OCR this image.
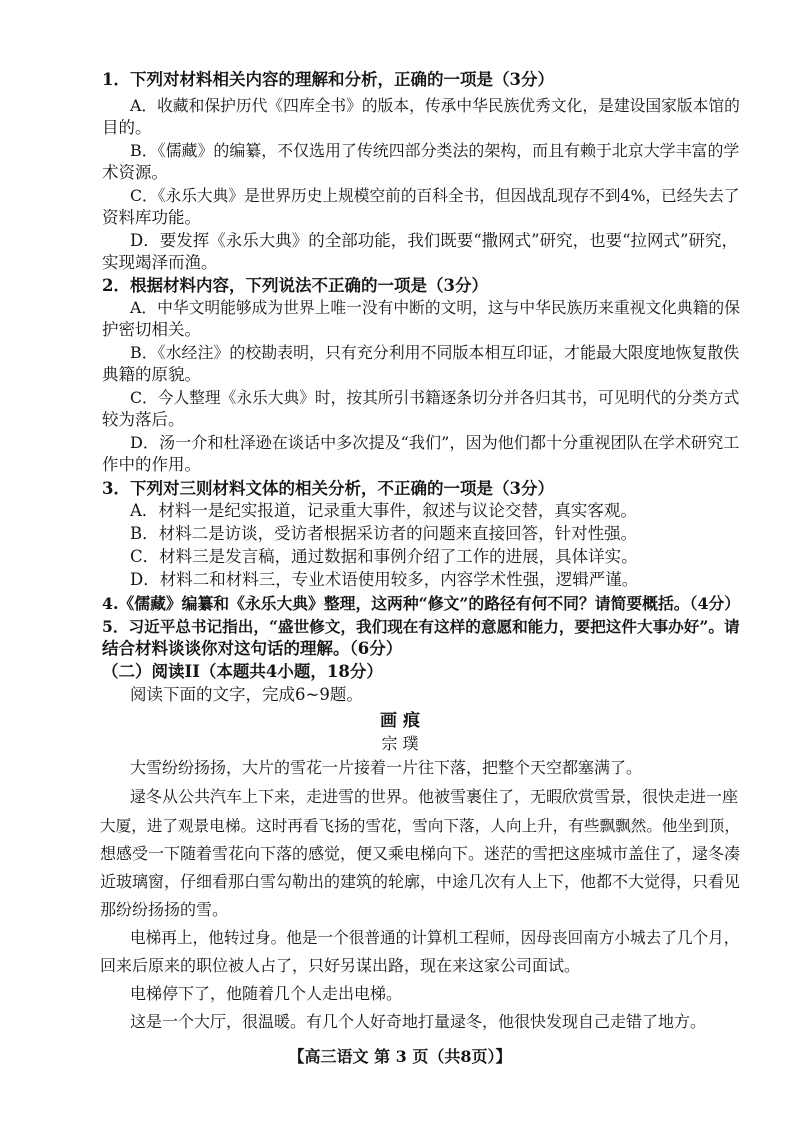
1．下列对材料相关内容的理解和分析，正确的一项是（3分）
A．收藏和保护历代《四库全书》的版本，传承中华民族优秀文化，是建设国家版本馆的
目的。
B．《儒藏》的编纂，不仅选用了传统四部分类法的架构，而且有赖于北京大学丰富的学
术资源。
C．《永乐大典》是世界历史上规模空前的百科全书，但因战乱现存不到4%，已经失去了
资料库功能。
D．要发挥《永乐大典》的全部功能，我们既要“撒网式”研究，也要“拉网式”研究，
实现竭泽而渔。
2．根据材料内容，下列说法不正确的一项是（3分）
A．中华文明能够成为世界上唯一没有中断的文明，这与中华民族历来重视文化典籍的保
护密切相关。
B．《水经注》的校勘表明，只有充分利用不同版本相互印证，才能最大限度地恢复散佚
典籍的原貌。
C．今人整理《永乐大典》时，按其所引书籍逐条切分并各归其书，可见明代的分类方式
较为落后。
D．汤一介和杜泽逊在谈话中多次提及“我们”，因为他们都十分重视团队在学术研究工
作中的作用。
3．下列对三则材料文体的相关分析，不正确的一项是（3分）
A．材料一是纪实报道，记录重大事件，叙述与议论交替，真实客观。
B．材料二是访谈，受访者根据采访者的问题来直接回答，针对性强。
C．材料三是发言稿，通过数据和事例介绍了工作的进展，具体详实。
D．材料二和材料三，专业术语使用较多，内容学术性强，逻辑严谨。
4.《儒藏》编纂和《永乐大典》整理，这两种“修文”的路径有何不同？请简要概括。（4分）
5．习近平总书记指出，“盛世修文，我们现在有这样的意愿和能力，要把这件大事办好”。请
结合材料谈谈你对这句话的理解。（6分）
（二）阅读II（本题共4小题，18分）
阅读下面的文字，完成6~9题。
画 痕
宗 璞
大雪纷纷扬扬，大片的雪花一片接着一片往下落，把整个天空都塞满了。
逯冬从公共汽车上下来，走进雪的世界。他被雪裹住了，无暇欣赏雪景，很快走进一座
大厦，进了观景电梯。这时再看飞扬的雪花，雪向下落，人向上升，有些飘飘然。他坐到顶，
想感受一下随着雪花向下落的感觉，便又乘电梯向下。迷茫的雪把这座城市盖住了，逯冬凑
近玻璃窗，仔细看那白雪勾勒出的建筑的轮廓，中途几次有人上下，他都不大觉得，只看见
那纷纷扬扬的雪。
电梯再上，他转过身。他是一个很普通的计算机工程师，因母丧回南方小城去了几个月，
回来后原来的职位被人占了，只好另谋出路，现在来这家公司面试。
电梯停下了，他随着几个人走出电梯。
这是一个大厅，很温暖。有几个人好奇地打量逯冬，他很快发现自己走错了地方。
【高三语文 第 3 页（共8页）】
